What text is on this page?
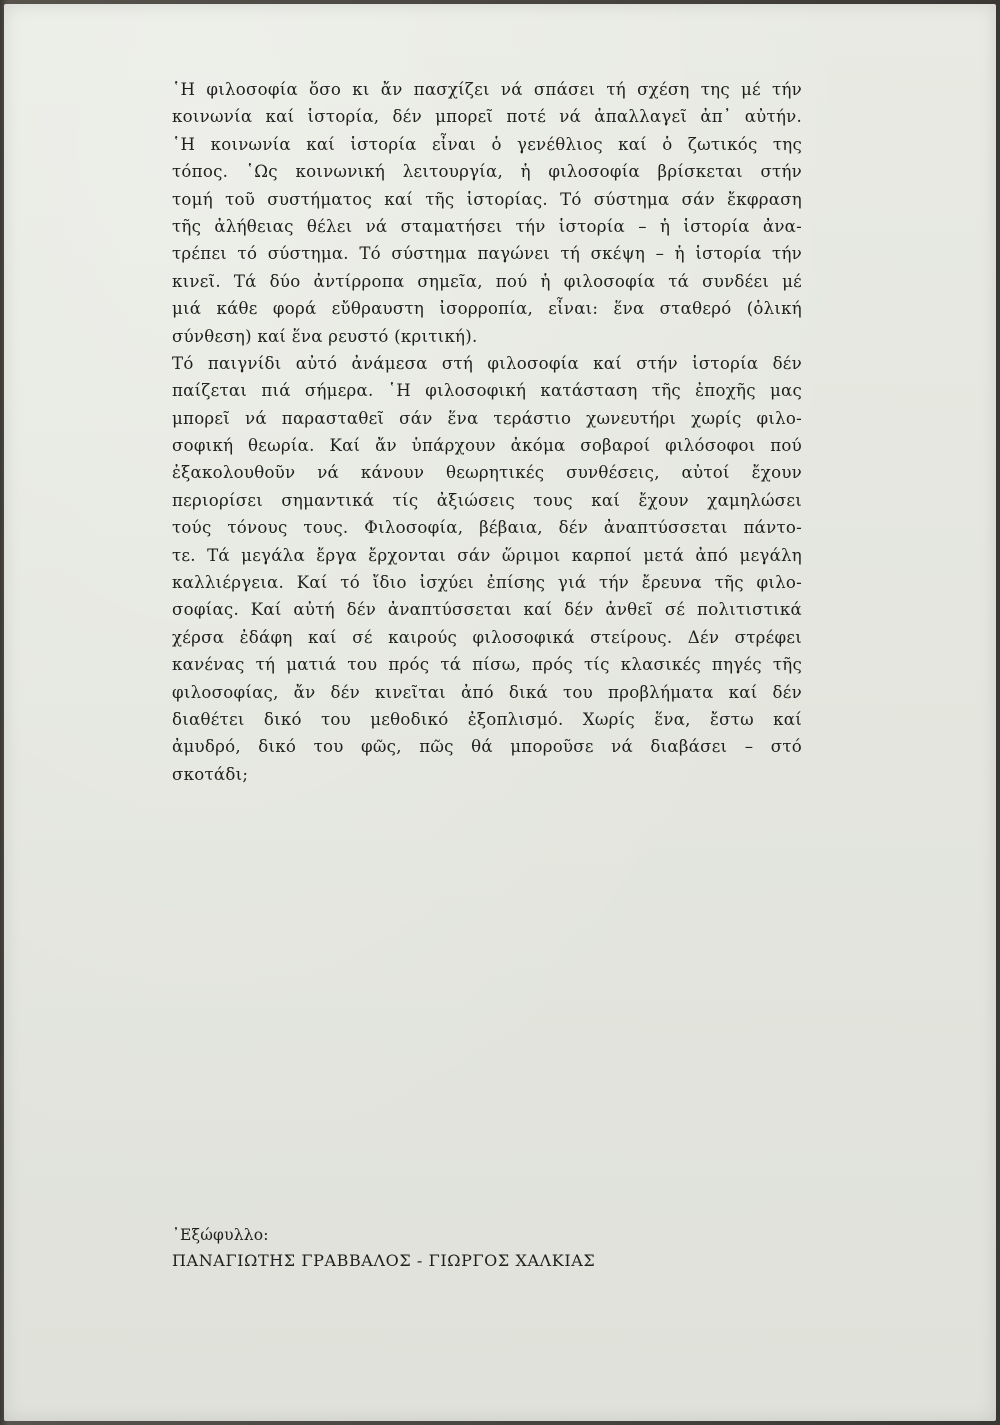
῾Η φιλοσοφία ὅσο κι ἄν πασχίζει νά σπάσει τή σχέση της μέ τήν
κοινωνία καί ἱστορία, δέν μπορεῖ ποτέ νά ἀπαλλαγεῖ ἀπ᾽ αὐτήν.
῾Η κοινωνία καί ἱστορία εἶναι ὁ γενέθλιος καί ὁ ζωτικός της
τόπος. ῾Ως κοινωνική λειτουργία, ἡ φιλοσοφία βρίσκεται στήν
τομή τοῦ συστήματος καί τῆς ἱστορίας. Τό σύστημα σάν ἔκφραση
τῆς ἀλήθειας θέλει νά σταματήσει τήν ἱστορία – ἡ ἱστορία ἀνα-
τρέπει τό σύστημα. Τό σύστημα παγώνει τή σκέψη – ἡ ἱστορία τήν
κινεῖ. Τά δύο ἀντίρροπα σημεῖα, πού ἡ φιλοσοφία τά συνδέει μέ
μιά κάθε φορά εὔθραυστη ἰσορροπία, εἶναι: ἕνα σταθερό (ὁλική
σύνθεση) καί ἕνα ρευστό (κριτική).
Τό παιγνίδι αὐτό ἀνάμεσα στή φιλοσοφία καί στήν ἱστορία δέν
παίζεται πιά σήμερα. ῾Η φιλοσοφική κατάσταση τῆς ἐποχῆς μας
μπορεῖ νά παρασταθεῖ σάν ἕνα τεράστιο χωνευτήρι χωρίς φιλο-
σοφική θεωρία. Καί ἄν ὑπάρχουν ἀκόμα σοβαροί φιλόσοφοι πού
ἐξακολουθοῦν νά κάνουν θεωρητικές συνθέσεις, αὐτοί ἔχουν
περιορίσει σημαντικά τίς ἀξιώσεις τους καί ἔχουν χαμηλώσει
τούς τόνους τους. Φιλοσοφία, βέβαια, δέν ἀναπτύσσεται πάντο-
τε. Τά μεγάλα ἔργα ἔρχονται σάν ὥριμοι καρποί μετά ἀπό μεγάλη
καλλιέργεια. Καί τό ἴδιο ἰσχύει ἐπίσης γιά τήν ἔρευνα τῆς φιλο-
σοφίας. Καί αὐτή δέν ἀναπτύσσεται καί δέν ἀνθεῖ σέ πολιτιστικά
χέρσα ἐδάφη καί σέ καιρούς φιλοσοφικά στείρους. Δέν στρέφει
κανένας τή ματιά του πρός τά πίσω, πρός τίς κλασικές πηγές τῆς
φιλοσοφίας, ἄν δέν κινεῖται ἀπό δικά του προβλήματα καί δέν
διαθέτει δικό του μεθοδικό ἐξοπλισμό. Χωρίς ἕνα, ἔστω καί
ἀμυδρό, δικό του φῶς, πῶς θά μποροῦσε νά διαβάσει – στό
σκοτάδι;
᾿Εξώφυλλο:
ΠΑΝΑΓΙΩΤΗΣ ΓΡΑΒΒΑΛΟΣ - ΓΙΩΡΓΟΣ ΧΑΛΚΙΑΣ
